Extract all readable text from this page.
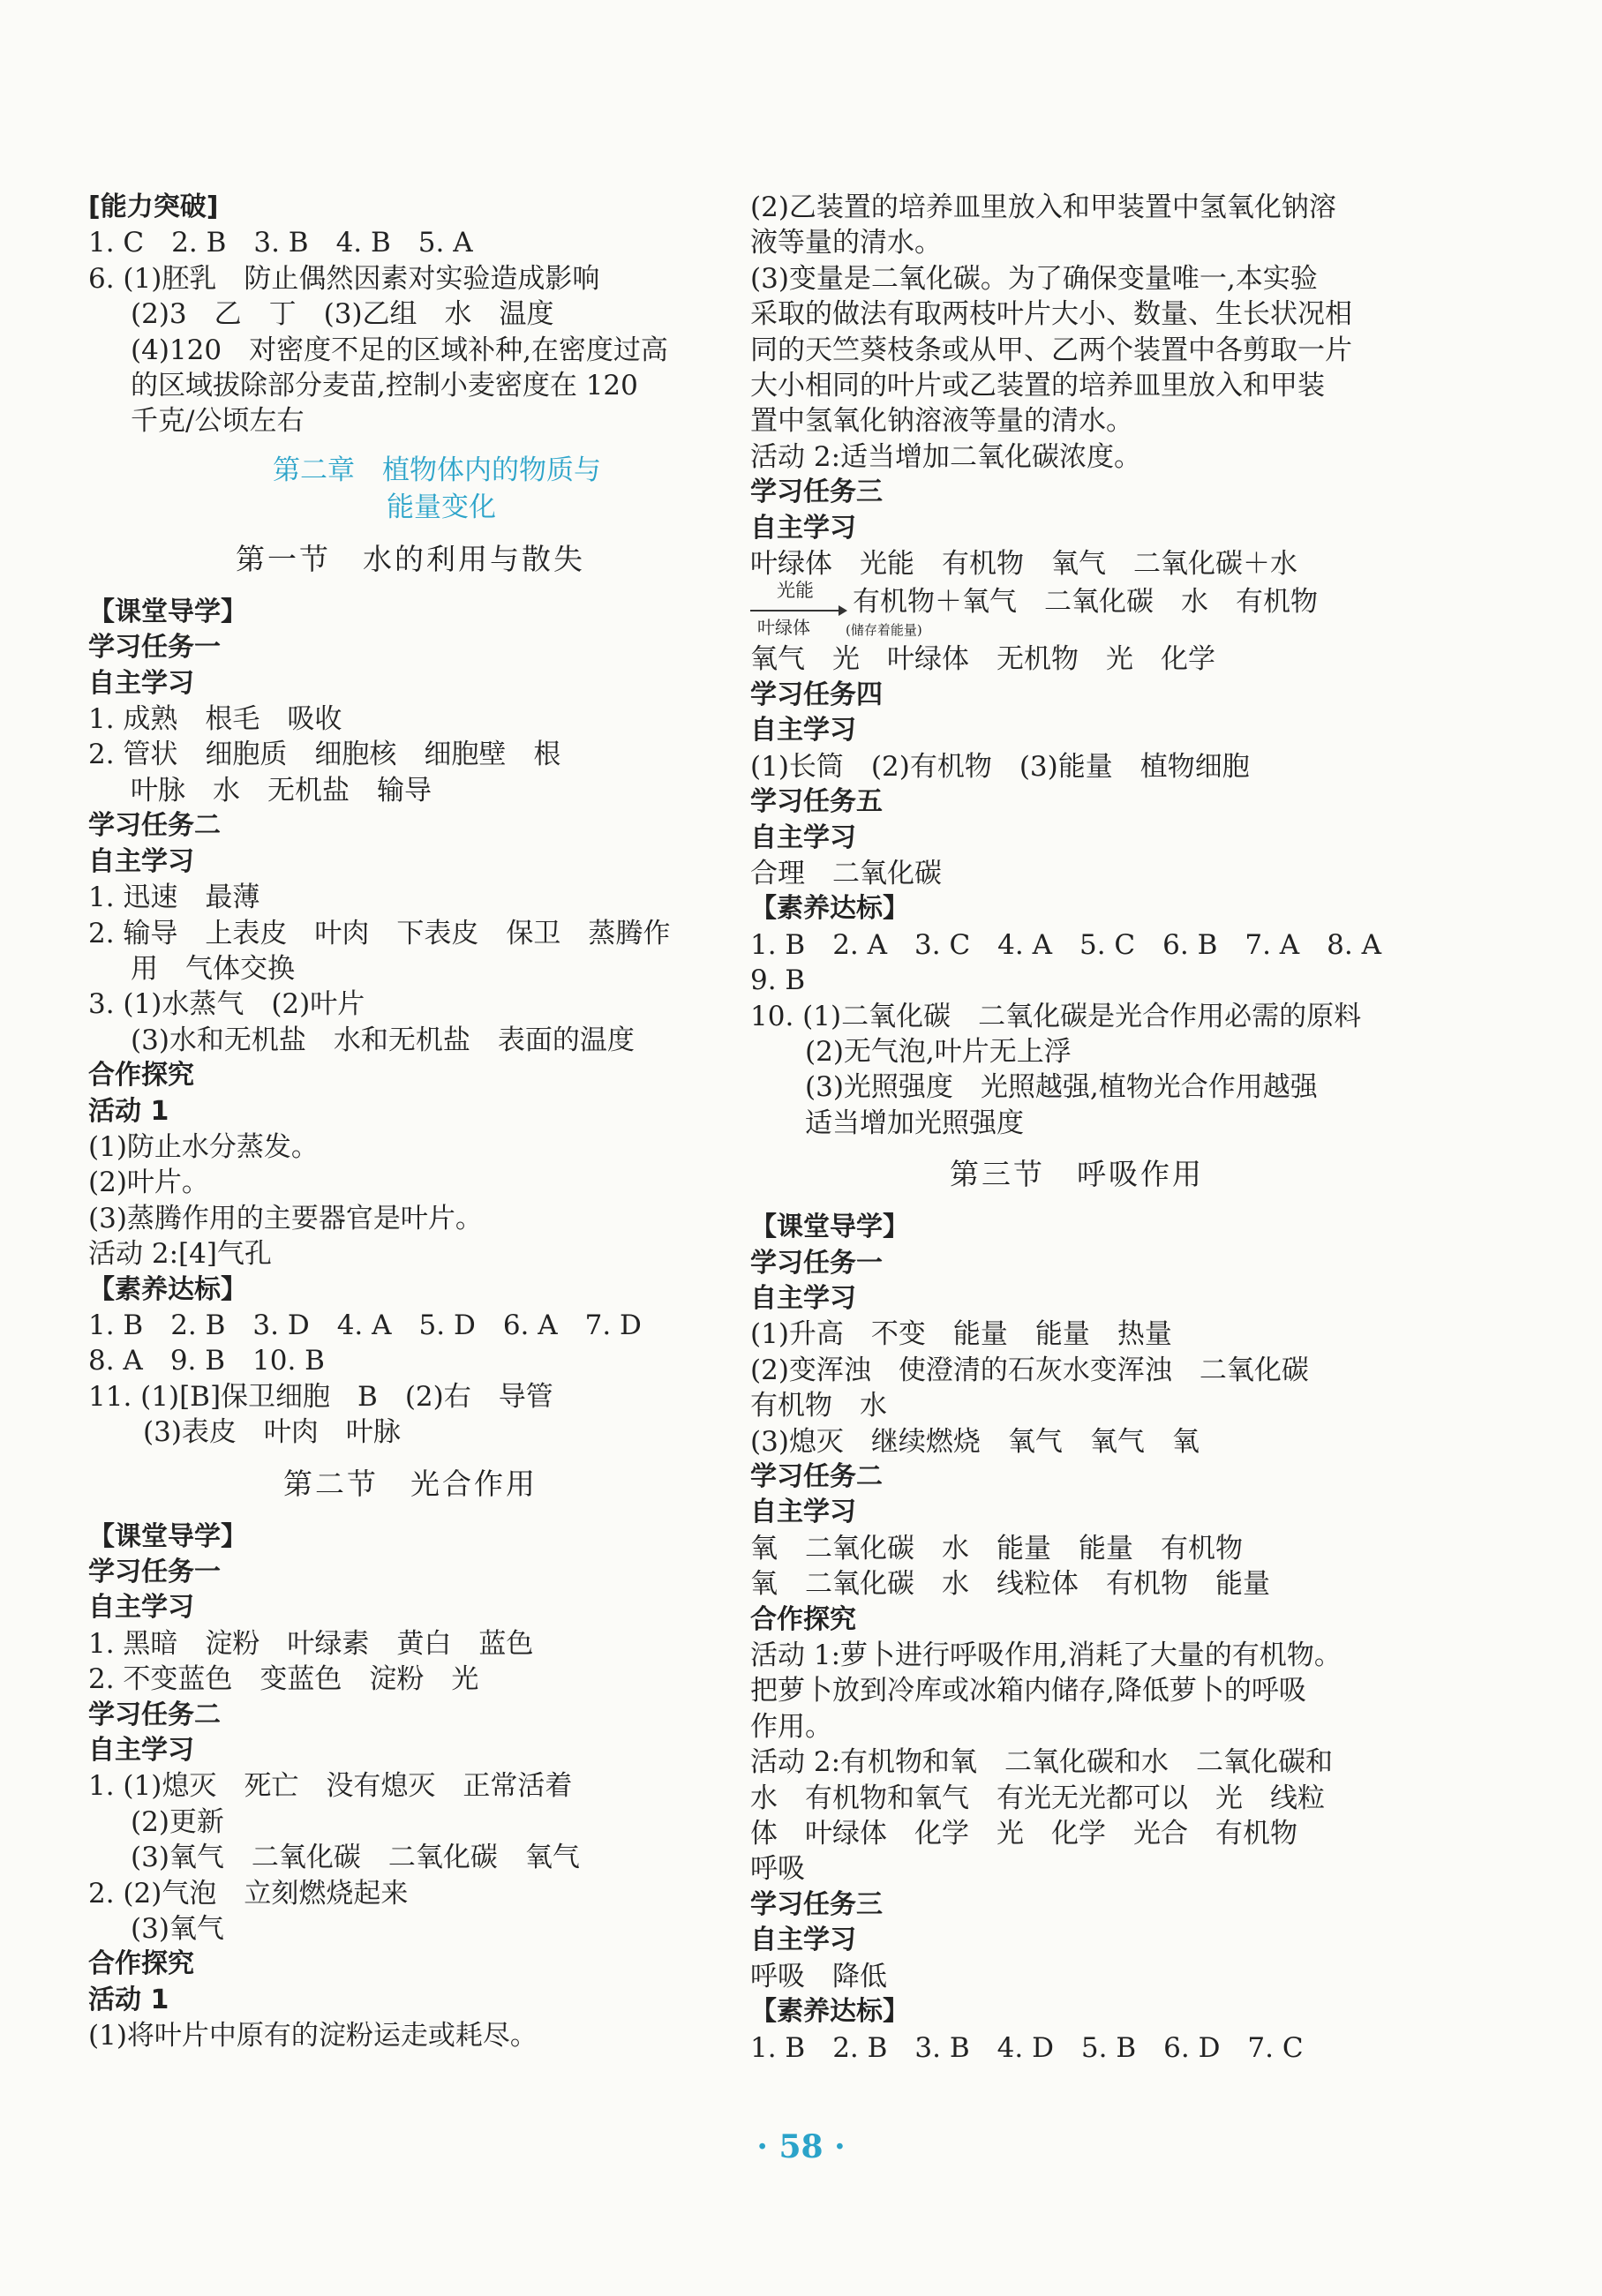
[能力突破]
1. C　2. B　3. B　4. B　5. A
6. (1)胚乳　防止偶然因素对实验造成影响
(2)3　乙　丁　(3)乙组　水　温度
(4)120　对密度不足的区域补种,在密度过高
的区域拔除部分麦苗,控制小麦密度在 120
千克/公顷左右
第二章　植物体内的物质与
能量变化
第一节　水的利用与散失
【课堂导学】
学习任务一
自主学习
1. 成熟　根毛　吸收
2. 管状　细胞质　细胞核　细胞壁　根
叶脉　水　无机盐　输导
学习任务二
自主学习
1. 迅速　最薄
2. 输导　上表皮　叶肉　下表皮　保卫　蒸腾作
用　气体交换
3. (1)水蒸气　(2)叶片
(3)水和无机盐　水和无机盐　表面的温度
合作探究
活动 1
(1)防止水分蒸发。
(2)叶片。
(3)蒸腾作用的主要器官是叶片。
活动 2:[4]气孔
【素养达标】
1. B　2. B　3. D　4. A　5. D　6. A　7. D
8. A　9. B　10. B
11. (1)[B]保卫细胞　B　(2)右　导管
(3)表皮　叶肉　叶脉
第二节　光合作用
【课堂导学】
学习任务一
自主学习
1. 黑暗　淀粉　叶绿素　黄白　蓝色
2. 不变蓝色　变蓝色　淀粉　光
学习任务二
自主学习
1. (1)熄灭　死亡　没有熄灭　正常活着
(2)更新
(3)氧气　二氧化碳　二氧化碳　氧气
2. (2)气泡　立刻燃烧起来
(3)氧气
合作探究
活动 1
(1)将叶片中原有的淀粉运走或耗尽。
(2)乙装置的培养皿里放入和甲装置中氢氧化钠溶
液等量的清水。
(3)变量是二氧化碳。为了确保变量唯一,本实验
采取的做法有取两枝叶片大小、数量、生长状况相
同的天竺葵枝条或从甲、乙两个装置中各剪取一片
大小相同的叶片或乙装置的培养皿里放入和甲装
置中氢氧化钠溶液等量的清水。
活动 2:适当增加二氧化碳浓度。
学习任务三
自主学习
叶绿体　光能　有机物　氧气　二氧化碳＋水
光能
叶绿体
有机物＋氧气　二氧化碳　水　有机物
(储存着能量)
氧气　光　叶绿体　无机物　光　化学
学习任务四
自主学习
(1)长筒　(2)有机物　(3)能量　植物细胞
学习任务五
自主学习
合理　二氧化碳
【素养达标】
1. B　2. A　3. C　4. A　5. C　6. B　7. A　8. A
9. B
10. (1)二氧化碳　二氧化碳是光合作用必需的原料
(2)无气泡,叶片无上浮
(3)光照强度　光照越强,植物光合作用越强
适当增加光照强度
第三节　呼吸作用
【课堂导学】
学习任务一
自主学习
(1)升高　不变　能量　能量　热量
(2)变浑浊　使澄清的石灰水变浑浊　二氧化碳
有机物　水
(3)熄灭　继续燃烧　氧气　氧气　氧
学习任务二
自主学习
氧　二氧化碳　水　能量　能量　有机物
氧　二氧化碳　水　线粒体　有机物　能量
合作探究
活动 1:萝卜进行呼吸作用,消耗了大量的有机物。
把萝卜放到冷库或冰箱内储存,降低萝卜的呼吸
作用。
活动 2:有机物和氧　二氧化碳和水　二氧化碳和
水　有机物和氧气　有光无光都可以　光　线粒
体　叶绿体　化学　光　化学　光合　有机物
呼吸
学习任务三
自主学习
呼吸　降低
【素养达标】
1. B　2. B　3. B　4. D　5. B　6. D　7. C
· 58 ·
